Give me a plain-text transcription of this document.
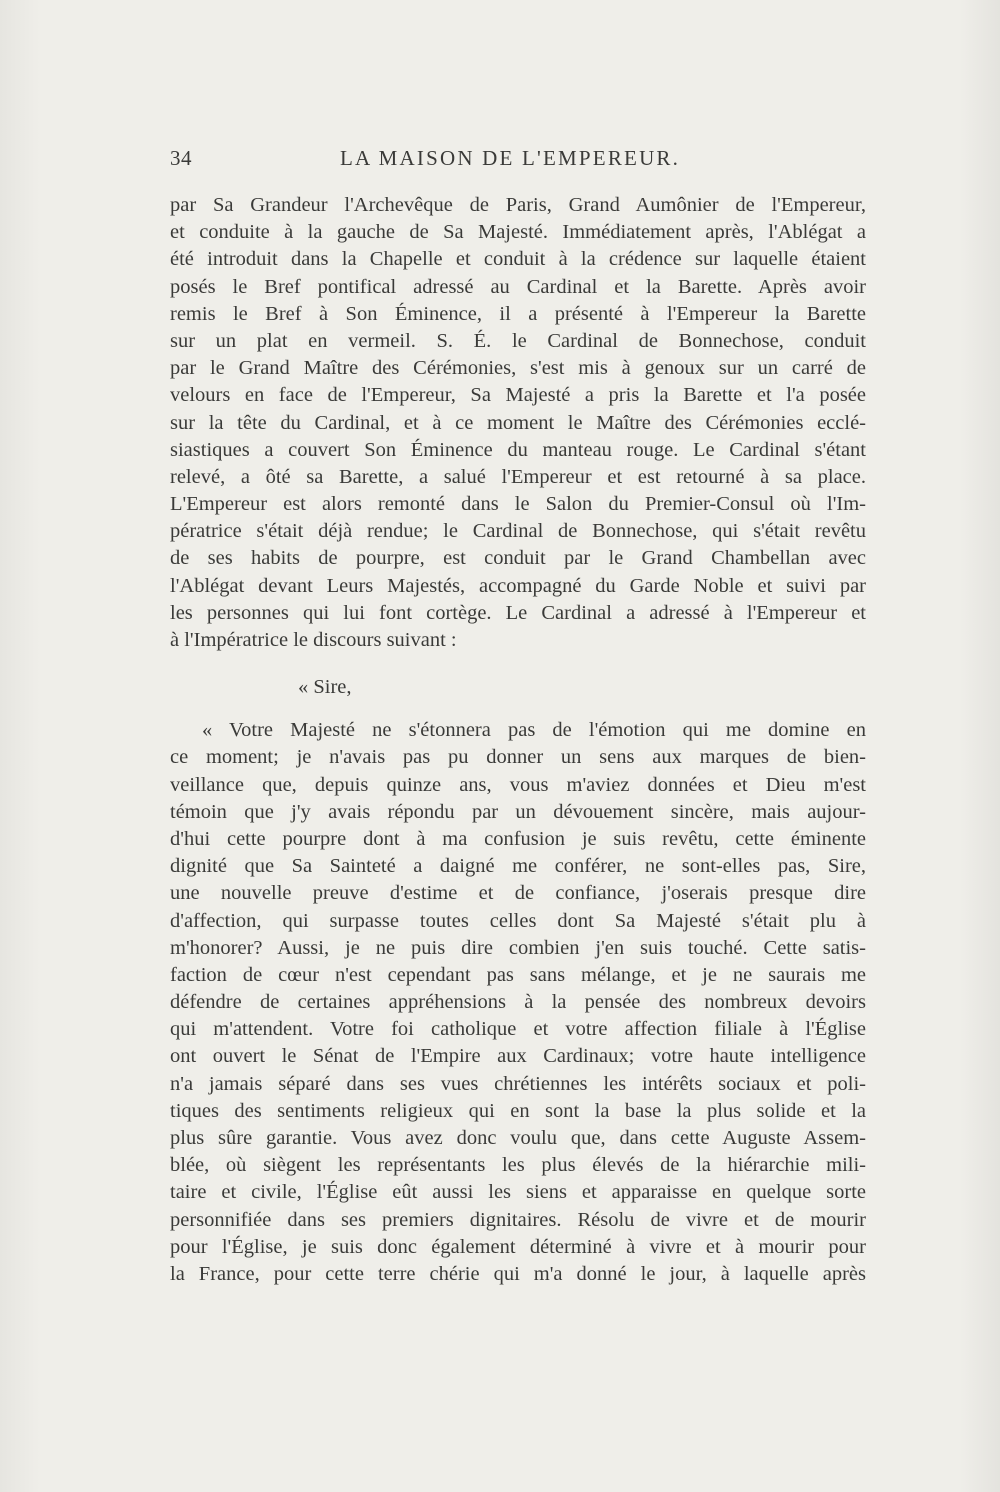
34	LA MAISON DE L'EMPEREUR.
par Sa Grandeur l'Archevêque de Paris, Grand Aumônier de l'Empereur,
et conduite à la gauche de Sa Majesté. Immédiatement après, l'Ablégat a
été introduit dans la Chapelle et conduit à la crédence sur laquelle étaient
posés le Bref pontifical adressé au Cardinal et la Barette. Après avoir
remis le Bref à Son Éminence, il a présenté à l'Empereur la Barette
sur un plat en vermeil. S. É. le Cardinal de Bonnechose, conduit
par le Grand Maître des Cérémonies, s'est mis à genoux sur un carré de
velours en face de l'Empereur, Sa Majesté a pris la Barette et l'a posée
sur la tête du Cardinal, et à ce moment le Maître des Cérémonies ecclé-
siastiques a couvert Son Éminence du manteau rouge. Le Cardinal s'étant
relevé, a ôté sa Barette, a salué l'Empereur et est retourné à sa place.
L'Empereur est alors remonté dans le Salon du Premier-Consul où l'Im-
pératrice s'était déjà rendue; le Cardinal de Bonnechose, qui s'était revêtu
de ses habits de pourpre, est conduit par le Grand Chambellan avec
l'Ablégat devant Leurs Majestés, accompagné du Garde Noble et suivi par
les personnes qui lui font cortège. Le Cardinal a adressé à l'Empereur et
à l'Impératrice le discours suivant :
« Sire,
« Votre Majesté ne s'étonnera pas de l'émotion qui me domine en
ce moment; je n'avais pas pu donner un sens aux marques de bien-
veillance que, depuis quinze ans, vous m'aviez données et Dieu m'est
témoin que j'y avais répondu par un dévouement sincère, mais aujour-
d'hui cette pourpre dont à ma confusion je suis revêtu, cette éminente
dignité que Sa Sainteté a daigné me conférer, ne sont-elles pas, Sire,
une nouvelle preuve d'estime et de confiance, j'oserais presque dire
d'affection, qui surpasse toutes celles dont Sa Majesté s'était plu à
m'honorer? Aussi, je ne puis dire combien j'en suis touché. Cette satis-
faction de cœur n'est cependant pas sans mélange, et je ne saurais me
défendre de certaines appréhensions à la pensée des nombreux devoirs
qui m'attendent. Votre foi catholique et votre affection filiale à l'Église
ont ouvert le Sénat de l'Empire aux Cardinaux; votre haute intelligence
n'a jamais séparé dans ses vues chrétiennes les intérêts sociaux et poli-
tiques des sentiments religieux qui en sont la base la plus solide et la
plus sûre garantie. Vous avez donc voulu que, dans cette Auguste Assem-
blée, où siègent les représentants les plus élevés de la hiérarchie mili-
taire et civile, l'Église eût aussi les siens et apparaisse en quelque sorte
personnifiée dans ses premiers dignitaires. Résolu de vivre et de mourir
pour l'Église, je suis donc également déterminé à vivre et à mourir pour
la France, pour cette terre chérie qui m'a donné le jour, à laquelle après
